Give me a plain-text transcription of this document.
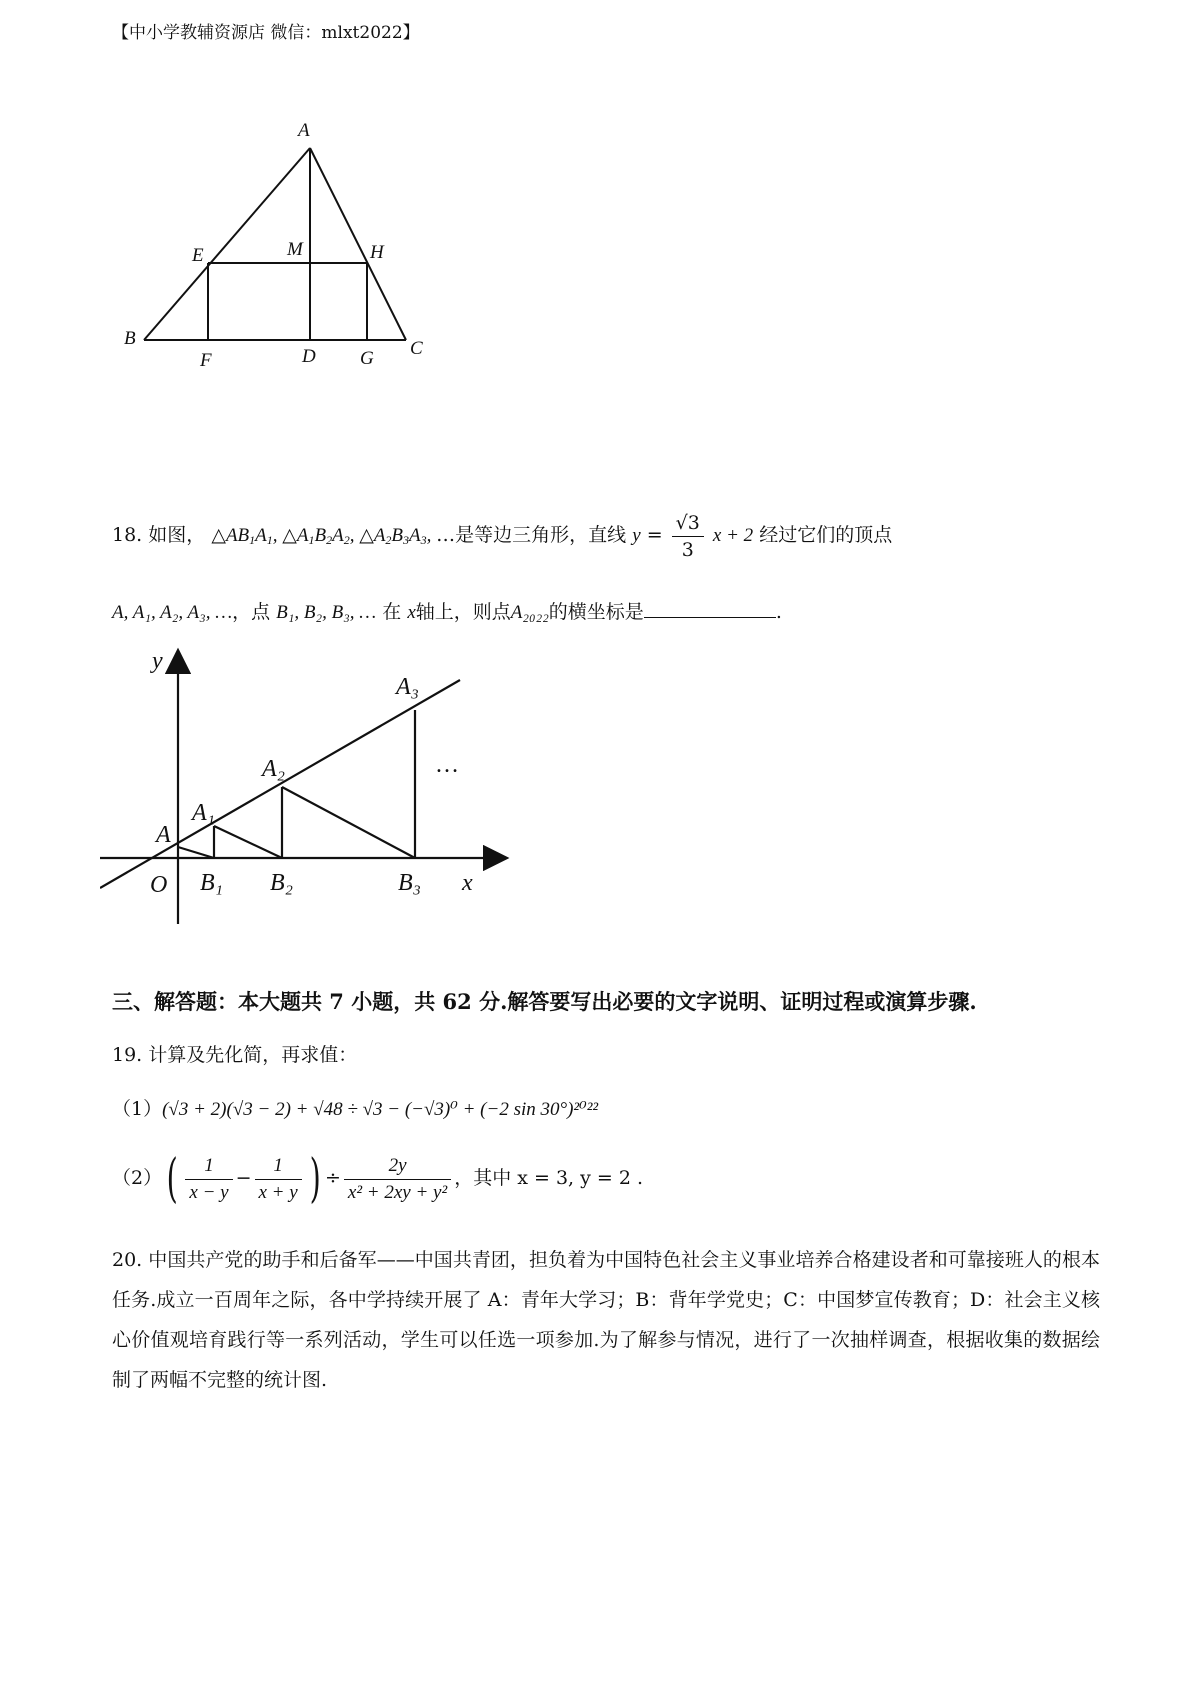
【中小学教辅资源店 微信：mlxt2022】
A
E	M	H
B	C
F	D G
18. 如图， $\triangle AB_1A_1$, $\triangle A_1B_2A_2$, $\triangle A_2B_3A_3$, …是等边三角形，直线 $y = \frac{√3}{3}$ x + 2 经过它们的顶点
A, A₁, A₂, A₃, …，点 B₁, B₂, B₃, … 在 x轴上，则点A₂₀₂₂的横坐标是	.
y
x
O
A
A₁
A₂
A₃
B₁ B₂	B₃
…
三、解答题：本大题共 7 小题，共 62 分.解答要写出必要的文字说明、证明过程或演算步骤.
19. 计算及先化简，再求值：
（1）(√3 + 2)(√3 − 2) + √48 ÷ √3 − (−√3)⁰ + (−2 sin 30°)²⁰²²
$(2)( \frac{1}{x - y} - \frac{1}{x + y}$ ) ÷ $\frac{2y}{\text{x² + 2xy + y²}}$ ，其中 x = 3, y = 2 .
20. 中国共产党的助手和后备军——中国共青团，担负着为中国特色社会主义事业培养合格建设者和可靠接班人的根本任务.成立一百周年之际，各中学持续开展了 A：青年大学习；B：背年学党史；C：中国梦宣传教育；D：社会主义核心价值观培育践行等一系列活动，学生可以任选一项参加.为了解参与情况，进行了一次抽样调查，根据收集的数据绘制了两幅不完整的统计图.
